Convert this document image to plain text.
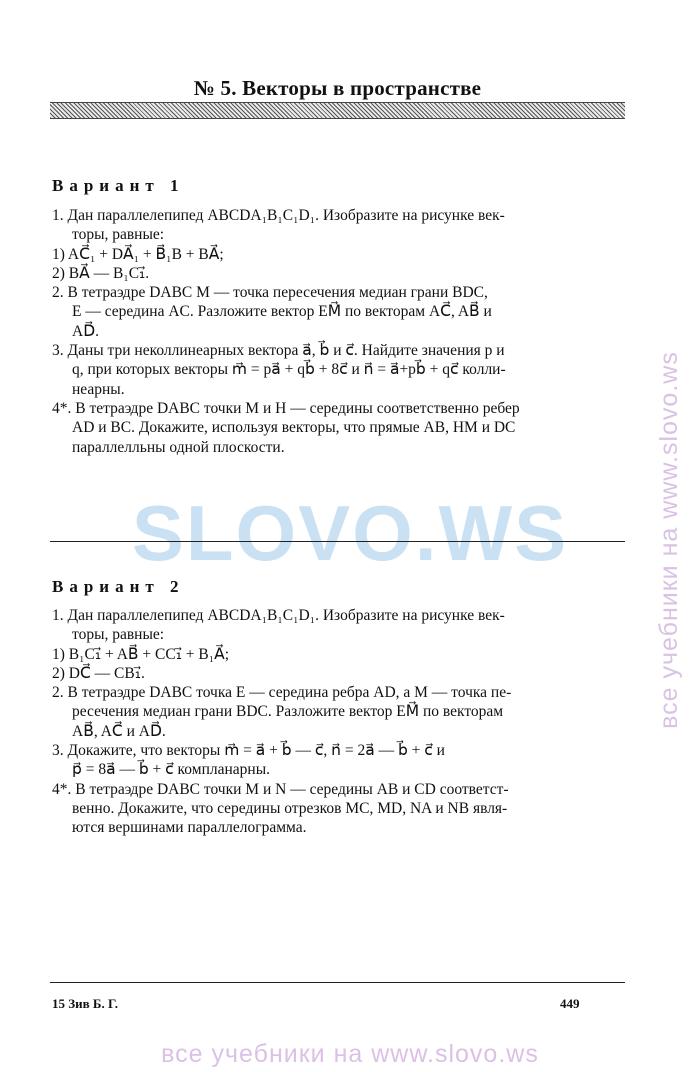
№ 5. Векторы в пространстве
SLOVO.WS
Вариант 1
1. Дан параллелепипед ABCDA₁B₁C₁D₁. Изобразите на рисунке век-
торы, равные:
1) AC⃗₁ + DA⃗₁ + B⃗₁B + BA⃗;
2) BA⃗ — B₁C₁⃗.
2. В тетраэдре DABC M — точка пересечения медиан грани BDC,
E — середина AC. Разложите вектор EM⃗ по векторам AC⃗, AB⃗ и
AD⃗.
3. Даны три неколлинеарных вектора a⃗, b⃗ и c⃗. Найдите значения p и
q, при которых векторы m⃗ = pa⃗ + qb⃗ + 8c⃗ и n⃗ = a⃗+pb⃗ + qc⃗ колли-
неарны.
4*. В тетраэдре DABC точки M и H — середины соответственно ребер
AD и BC. Докажите, используя векторы, что прямые AB, HM и DC
параллелльны одной плоскости.
Вариант 2
1. Дан параллелепипед ABCDA₁B₁C₁D₁. Изобразите на рисунке век-
торы, равные:
1) B₁C₁⃗ + AB⃗ + CC₁⃗ + B₁A⃗;
2) DC⃗ — CB₁⃗.
2. В тетраэдре DABC точка E — середина ребра AD, а M — точка пе-
ресечения медиан грани BDC. Разложите вектор EM⃗ по векторам
AB⃗, AC⃗ и AD⃗.
3. Докажите, что векторы m⃗ = a⃗ + b⃗ — c⃗, n⃗ = 2a⃗ — b⃗ + c⃗ и
p⃗ = 8a⃗ — b⃗ + c⃗ компланарны.
4*. В тетраэдре DABC точки M и N — середины AB и CD соответст-
венно. Докажите, что середины отрезков MC, MD, NA и NB явля-
ются вершинами параллелограмма.
15 Зив Б. Г.	449
все учебники на www.slovo.ws
все учебники на www.slovo.ws
